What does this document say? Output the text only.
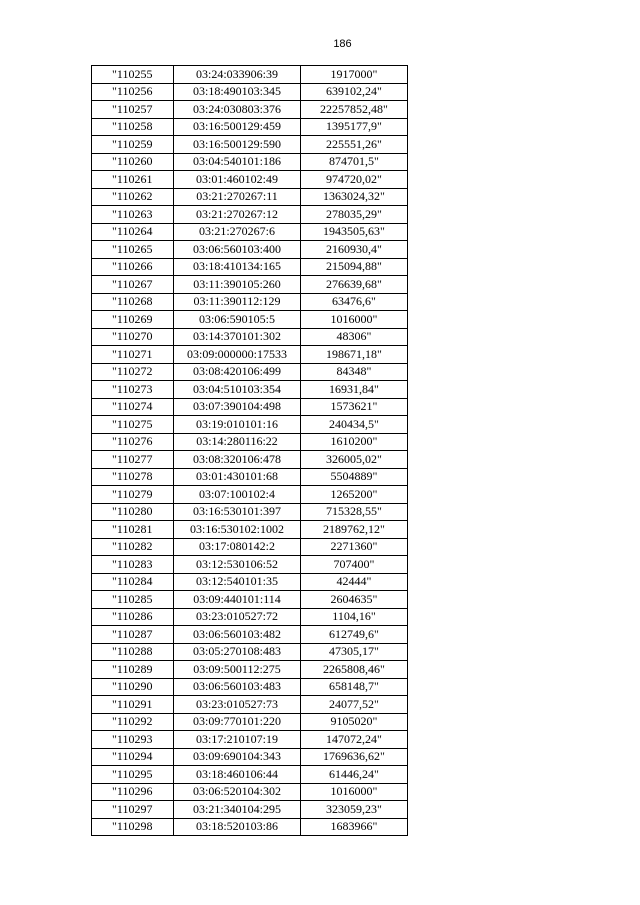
186
"110255	03:24:033906:39	1917000"
"110256	03:18:490103:345	639102,24"
"110257	03:24:030803:376	22257852,48"
"110258	03:16:500129:459	1395177,9"
"110259	03:16:500129:590	225551,26"
"110260	03:04:540101:186	874701,5"
"110261	03:01:460102:49	974720,02"
"110262	03:21:270267:11	1363024,32"
"110263	03:21:270267:12	278035,29"
"110264	03:21:270267:6	1943505,63"
"110265	03:06:560103:400	2160930,4"
"110266	03:18:410134:165	215094,88"
"110267	03:11:390105:260	276639,68"
"110268	03:11:390112:129	63476,6"
"110269	03:06:590105:5	1016000"
"110270	03:14:370101:302	48306"
"110271	03:09:000000:17533	198671,18"
"110272	03:08:420106:499	84348"
"110273	03:04:510103:354	16931,84"
"110274	03:07:390104:498	1573621"
"110275	03:19:010101:16	240434,5"
"110276	03:14:280116:22	1610200"
"110277	03:08:320106:478	326005,02"
"110278	03:01:430101:68	5504889"
"110279	03:07:100102:4	1265200"
"110280	03:16:530101:397	715328,55"
"110281	03:16:530102:1002	2189762,12"
"110282	03:17:080142:2	2271360"
"110283	03:12:530106:52	707400"
"110284	03:12:540101:35	42444"
"110285	03:09:440101:114	2604635"
"110286	03:23:010527:72	1104,16"
"110287	03:06:560103:482	612749,6"
"110288	03:05:270108:483	47305,17"
"110289	03:09:500112:275	2265808,46"
"110290	03:06:560103:483	658148,7"
"110291	03:23:010527:73	24077,52"
"110292	03:09:770101:220	9105020"
"110293	03:17:210107:19	147072,24"
"110294	03:09:690104:343	1769636,62"
"110295	03:18:460106:44	61446,24"
"110296	03:06:520104:302	1016000"
"110297	03:21:340104:295	323059,23"
"110298	03:18:520103:86	1683966"
